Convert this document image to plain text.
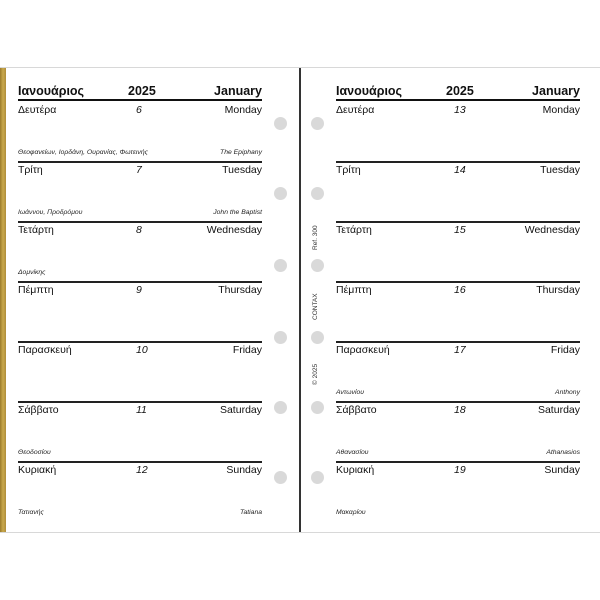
Ιανουάριος	2025	January
Δευτέρα	6	Monday
Θεοφανείων, Ιορδάνη, Ουρανίας, Φωτεινής	The Epiphany
Τρίτη	7	Tuesday
Ιωάννου, Προδρόμου	John the Baptist
Τετάρτη	8	Wednesday
Δομνίκης
Πέμπτη	9	Thursday
Παρασκευή	10	Friday
Σάββατο	11	Saturday
Θεοδοσίου
Κυριακή	12	Sunday
Τατιανής	Tatiana
Ιανουάριος	2025	January
Δευτέρα	13	Monday
Τρίτη	14	Tuesday
Τετάρτη	15	Wednesday
Πέμπτη	16	Thursday
Παρασκευή	17	Friday
Αντωνίου	Anthony
Σάββατο	18	Saturday
Αθανασίου	Athanasios
Κυριακή	19	Sunday
Μακαρίου
Ref. 300
CONTAX
© 2025
